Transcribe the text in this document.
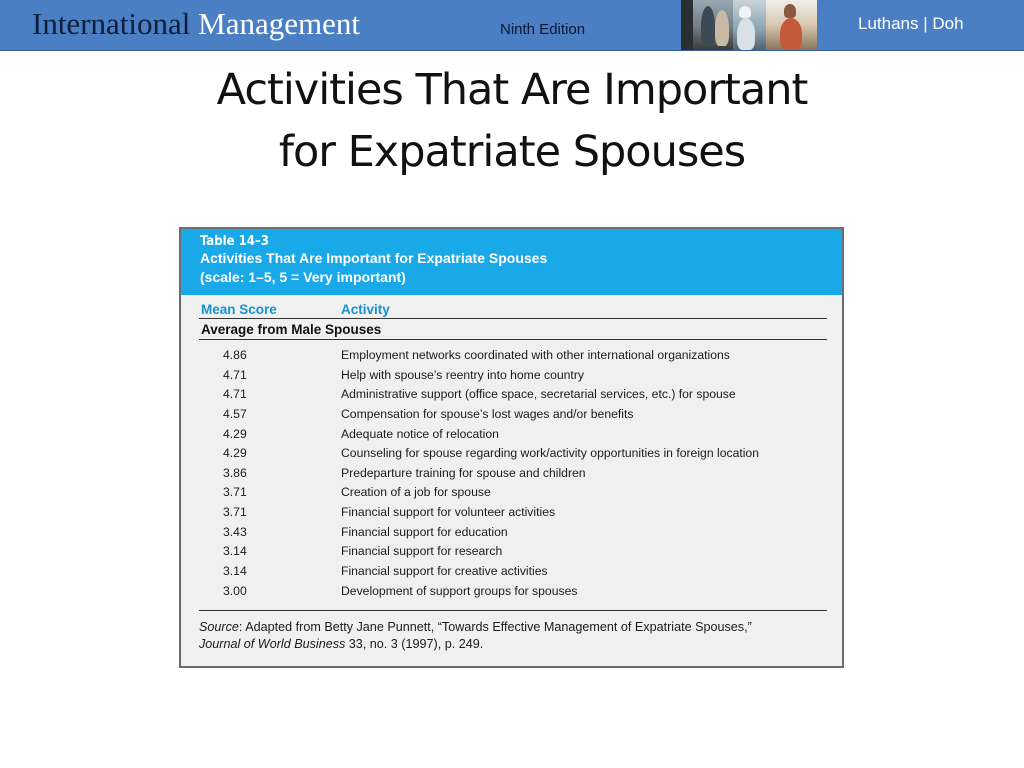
International Management	Ninth Edition	Luthans | Doh
Activities That Are Important
for Expatriate Spouses
Table 14–3
Activities That Are Important for Expatriate Spouses
(scale: 1–5, 5 = Very important)
Mean Score	Activity
Average from Male Spouses
4.86	Employment networks coordinated with other international organizations
4.71	Help with spouse’s reentry into home country
4.71	Administrative support (office space, secretarial services, etc.) for spouse
4.57	Compensation for spouse’s lost wages and/or benefits
4.29	Adequate notice of relocation
4.29	Counseling for spouse regarding work/activity opportunities in foreign location
3.86	Predeparture training for spouse and children
3.71	Creation of a job for spouse
3.71	Financial support for volunteer activities
3.43	Financial support for education
3.14	Financial support for research
3.14	Financial support for creative activities
3.00	Development of support groups for spouses
Source: Adapted from Betty Jane Punnett, “Towards Effective Management of Expatriate Spouses,”
Journal of World Business 33, no. 3 (1997), p. 249.
